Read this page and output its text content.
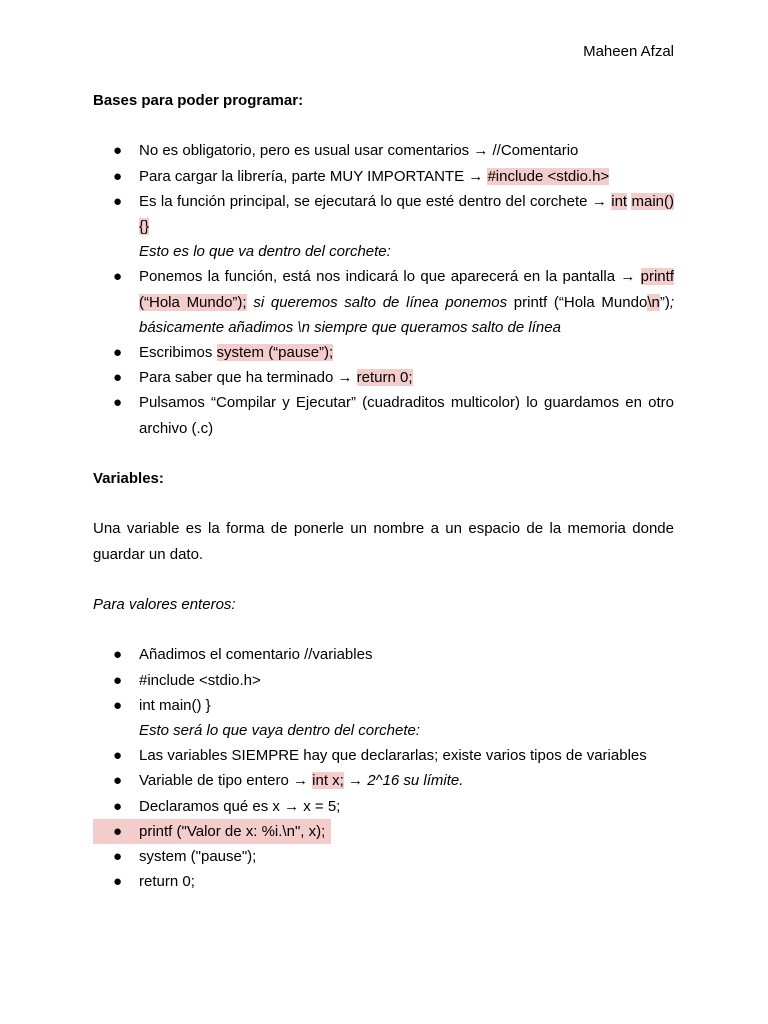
Maheen Afzal
Bases para poder programar:
● No es obligatorio, pero es usual usar comentarios → //Comentario
● Para cargar la librería, parte MUY IMPORTANTE → #include <stdio.h>
● Es la función principal, se ejecutará lo que esté dentro del corchete → int main() {}
Esto es lo que va dentro del corchete:
● Ponemos la función, está nos indicará lo que aparecerá en la pantalla → printf (“Hola Mundo”); si queremos salto de línea ponemos printf (“Hola Mundo\n”); básicamente añadimos \n siempre que queramos salto de línea
● Escribimos system (“pause”);
● Para saber que ha terminado → return 0;
● Pulsamos “Compilar y Ejecutar” (cuadraditos multicolor) lo guardamos en otro archivo (.c)
Variables:
Una variable es la forma de ponerle un nombre a un espacio de la memoria donde guardar un dato.
Para valores enteros:
● Añadimos el comentario //variables
● #include <stdio.h>
● int main() }
Esto será lo que vaya dentro del corchete:
● Las variables SIEMPRE hay que declararlas; existe varios tipos de variables
● Variable de tipo entero → int x; → 2^16 su límite.
● Declaramos qué es x → x = 5;
● printf ("Valor de x: %i.\n", x);
● system ("pause");
● return 0;
